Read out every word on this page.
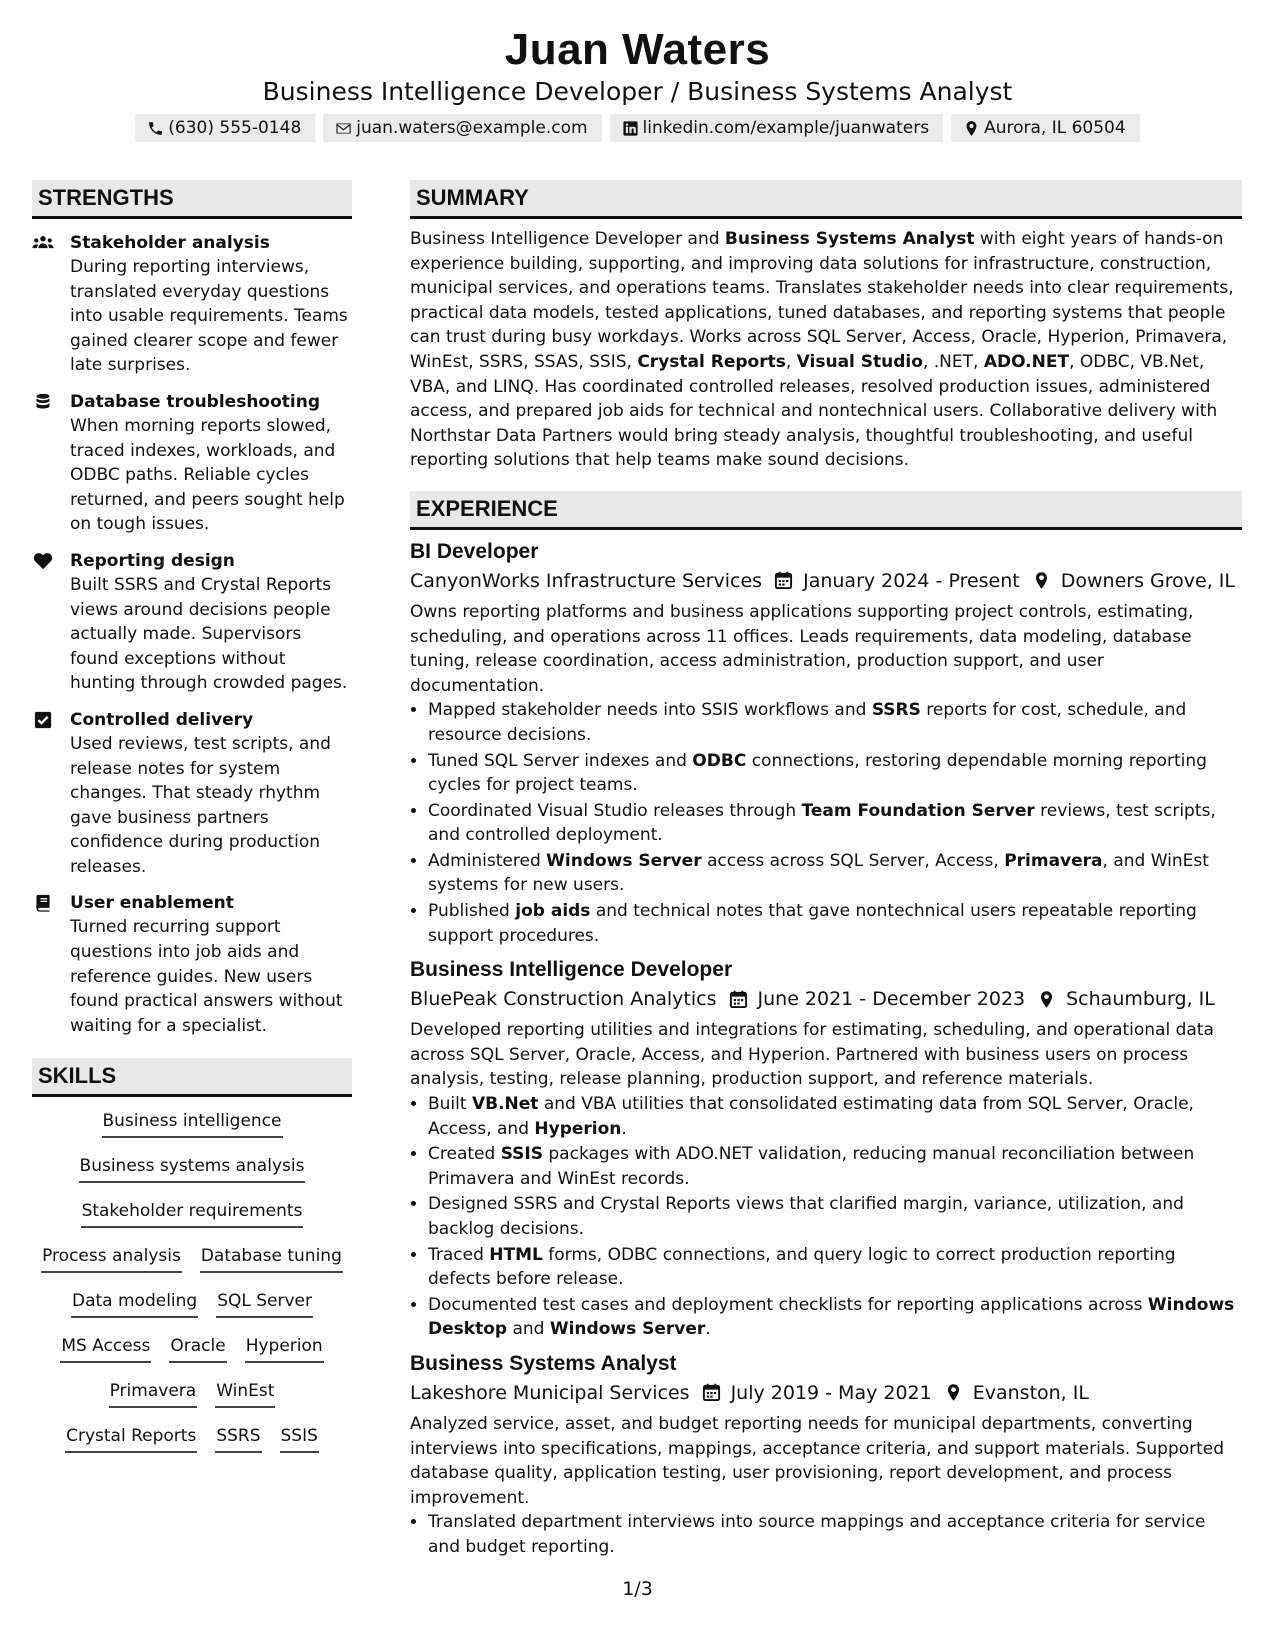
Juan Waters
Business Intelligence Developer / Business Systems Analyst
(630) 555-0148	juan.waters@example.com	linkedin.com/example/juanwaters	Aurora, IL 60504
STRENGTHS
Stakeholder analysis
During reporting interviews, translated everyday questions into usable requirements. Teams gained clearer scope and fewer late surprises.
Database troubleshooting
When morning reports slowed, traced indexes, workloads, and ODBC paths. Reliable cycles returned, and peers sought help on tough issues.
Reporting design
Built SSRS and Crystal Reports views around decisions people actually made. Supervisors found exceptions without hunting through crowded pages.
Controlled delivery
Used reviews, test scripts, and release notes for system changes. That steady rhythm gave business partners confidence during production releases.
User enablement
Turned recurring support questions into job aids and reference guides. New users found practical answers without waiting for a specialist.
SKILLS
Business intelligence
Business systems analysis
Stakeholder requirements
Process analysis Database tuning
Data modeling SQL Server
MS Access Oracle Hyperion
Primavera WinEst
Crystal Reports SSRS SSIS
SUMMARY
Business Intelligence Developer and Business Systems Analyst with eight years of hands-on experience building, supporting, and improving data solutions for infrastructure, construction, municipal services, and operations teams. Translates stakeholder needs into clear requirements, practical data models, tested applications, tuned databases, and reporting systems that people can trust during busy workdays. Works across SQL Server, Access, Oracle, Hyperion, Primavera, WinEst, SSRS, SSAS, SSIS, Crystal Reports, Visual Studio, .NET, ADO.NET, ODBC, VB.Net, VBA, and LINQ. Has coordinated controlled releases, resolved production issues, administered access, and prepared job aids for technical and nontechnical users. Collaborative delivery with Northstar Data Partners would bring steady analysis, thoughtful troubleshooting, and useful reporting solutions that help teams make sound decisions.
EXPERIENCE
BI Developer
CanyonWorks Infrastructure Services January 2024 - Present Downers Grove, IL
Owns reporting platforms and business applications supporting project controls, estimating, scheduling, and operations across 11 offices. Leads requirements, data modeling, database tuning, release coordination, access administration, production support, and user documentation.
• Mapped stakeholder needs into SSIS workflows and SSRS reports for cost, schedule, and resource decisions.
• Tuned SQL Server indexes and ODBC connections, restoring dependable morning reporting cycles for project teams.
• Coordinated Visual Studio releases through Team Foundation Server reviews, test scripts, and controlled deployment.
• Administered Windows Server access across SQL Server, Access, Primavera, and WinEst systems for new users.
• Published job aids and technical notes that gave nontechnical users repeatable reporting support procedures.
Business Intelligence Developer
BluePeak Construction Analytics June 2021 - December 2023 Schaumburg, IL
Developed reporting utilities and integrations for estimating, scheduling, and operational data across SQL Server, Oracle, Access, and Hyperion. Partnered with business users on process analysis, testing, release planning, production support, and reference materials.
• Built VB.Net and VBA utilities that consolidated estimating data from SQL Server, Oracle, Access, and Hyperion.
• Created SSIS packages with ADO.NET validation, reducing manual reconciliation between Primavera and WinEst records.
• Designed SSRS and Crystal Reports views that clarified margin, variance, utilization, and backlog decisions.
• Traced HTML forms, ODBC connections, and query logic to correct production reporting defects before release.
• Documented test cases and deployment checklists for reporting applications across Windows Desktop and Windows Server.
Business Systems Analyst
Lakeshore Municipal Services July 2019 - May 2021 Evanston, IL
Analyzed service, asset, and budget reporting needs for municipal departments, converting interviews into specifications, mappings, acceptance criteria, and support materials. Supported database quality, application testing, user provisioning, report development, and process improvement.
• Translated department interviews into source mappings and acceptance criteria for service and budget reporting.
1/3
